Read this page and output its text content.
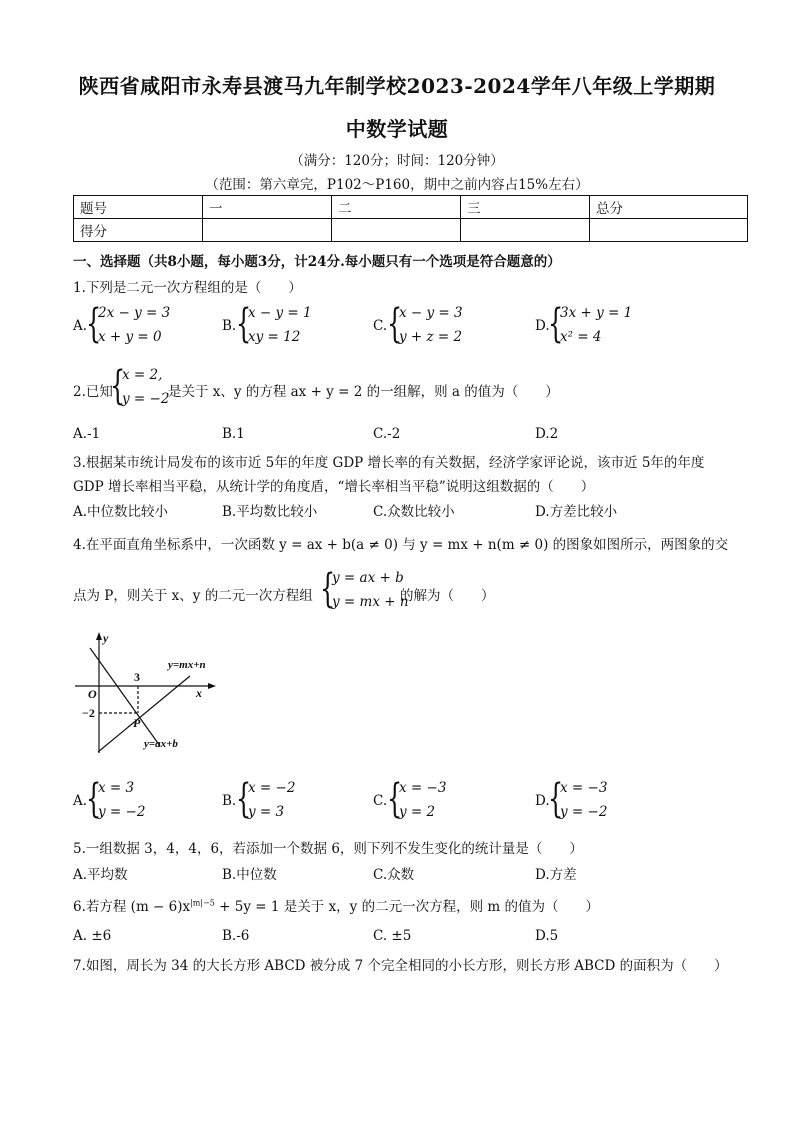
陕西省咸阳市永寿县渡马九年制学校2023-2024学年八年级上学期期
中数学试题
（满分：120分；时间：120分钟）
（范围：第六章完，P102～P160，期中之前内容占15%左右）
题号	一	二	三	总分
得分				
一、选择题（共8小题，每小题3分，计24分.每小题只有一个选项是符合题意的）
1.下列是二元一次方程组的是（　　）
A.
{
2x − y = 3
x + y = 0
B. {
x − y = 1
xy = 12
C. {
x − y = 3
y + z = 2
D.
{
3x + y = 1
x² = 4
2.已知
{
x = 2,
y = −2
是关于 x、y 的方程 ax + y = 2 的一组解，则 a 的值为（　　）
A.-1	B.1	C.-2	D.2
3.根据某市统计局发布的该市近 5年的年度 GDP 增长率的有关数据，经济学家评论说，该市近 5年的年度
GDP 增长率相当平稳，从统计学的角度盾，“增长率相当平稳”说明这组数据的（　　）
A.中位数比较小	B.平均数比较小	C.众数比较小	D.方差比较小
4.在平面直角坐标系中，一次函数 y = ax + b(a ≠ 0) 与 y = mx + n(m ≠ 0) 的图象如图所示，两图象的交
点为 P，则关于 x、y 的二元一次方程组 {
y = ax + b
y = mx + n
的解为（　　）
y
x
O
3
−2
P
y=mx+n
y=ax+b
A.
{
x = 3
y = −2
B. {
x = −2
y = 3
C. {
x = −3
y = 2
D.
{
x = −3
y = −2
5.一组数据 3，4，4，6，若添加一个数据 6，则下列不发生变化的统计量是（　　）
A.平均数	B.中位数	C.众数	D.方差
6.若方程 $(m - 6)x^{|m|-5} + 5y = 1$ 是关于 x，y 的二元一次方程，则 m 的值为（　　）
A. ±6	B.-6	C. ±5	D.5
7.如图，周长为 34 的大长方形 ABCD 被分成 7 个完全相同的小长方形，则长方形 ABCD 的面积为（　　）
